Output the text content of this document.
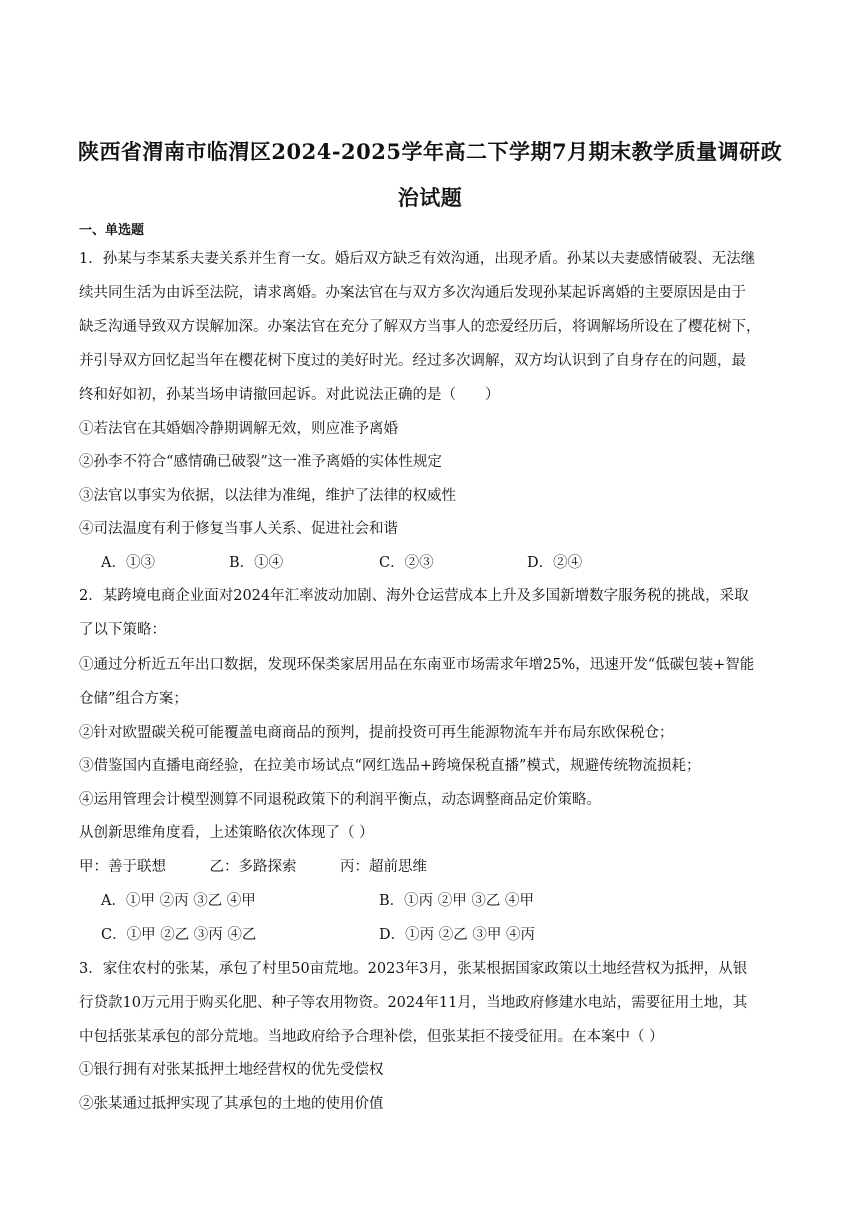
陕西省渭南市临渭区2024-2025学年高二下学期7月期末教学质量调研政
治试题
一、单选题
1．孙某与李某系夫妻关系并生育一女。婚后双方缺乏有效沟通，出现矛盾。孙某以夫妻感情破裂、无法继
续共同生活为由诉至法院，请求离婚。办案法官在与双方多次沟通后发现孙某起诉离婚的主要原因是由于
缺乏沟通导致双方误解加深。办案法官在充分了解双方当事人的恋爱经历后，将调解场所设在了樱花树下，
并引导双方回忆起当年在樱花树下度过的美好时光。经过多次调解，双方均认识到了自身存在的问题，最
终和好如初，孙某当场申请撤回起诉。对此说法正确的是（　　）
①若法官在其婚姻冷静期调解无效，则应准予离婚
②孙李不符合“感情确已破裂”这一准予离婚的实体性规定
③法官以事实为依据，以法律为准绳，维护了法律的权威性
④司法温度有利于修复当事人关系、促进社会和谐
A．①③	B．①④	C．②③	D．②④
2．某跨境电商企业面对2024年汇率波动加剧、海外仓运营成本上升及多国新增数字服务税的挑战，采取
了以下策略：
①通过分析近五年出口数据，发现环保类家居用品在东南亚市场需求年增25%，迅速开发“低碳包装+智能
仓储”组合方案；
②针对欧盟碳关税可能覆盖电商商品的预判，提前投资可再生能源物流车并布局东欧保税仓；
③借鉴国内直播电商经验，在拉美市场试点“网红选品+跨境保税直播”模式，规避传统物流损耗；
④运用管理会计模型测算不同退税政策下的利润平衡点，动态调整商品定价策略。
从创新思维角度看，上述策略依次体现了（ ）
甲：善于联想　　　乙：多路探索　　　丙：超前思维
A．①甲 ②丙 ③乙 ④甲	B．①丙 ②甲 ③乙 ④甲
C．①甲 ②乙 ③丙 ④乙	D．①丙 ②乙 ③甲 ④丙
3．家住农村的张某，承包了村里50亩荒地。2023年3月，张某根据国家政策以土地经营权为抵押，从银
行贷款10万元用于购买化肥、种子等农用物资。2024年11月，当地政府修建水电站，需要征用土地，其
中包括张某承包的部分荒地。当地政府给予合理补偿，但张某拒不接受征用。在本案中（ ）
①银行拥有对张某抵押土地经营权的优先受偿权
②张某通过抵押实现了其承包的土地的使用价值
